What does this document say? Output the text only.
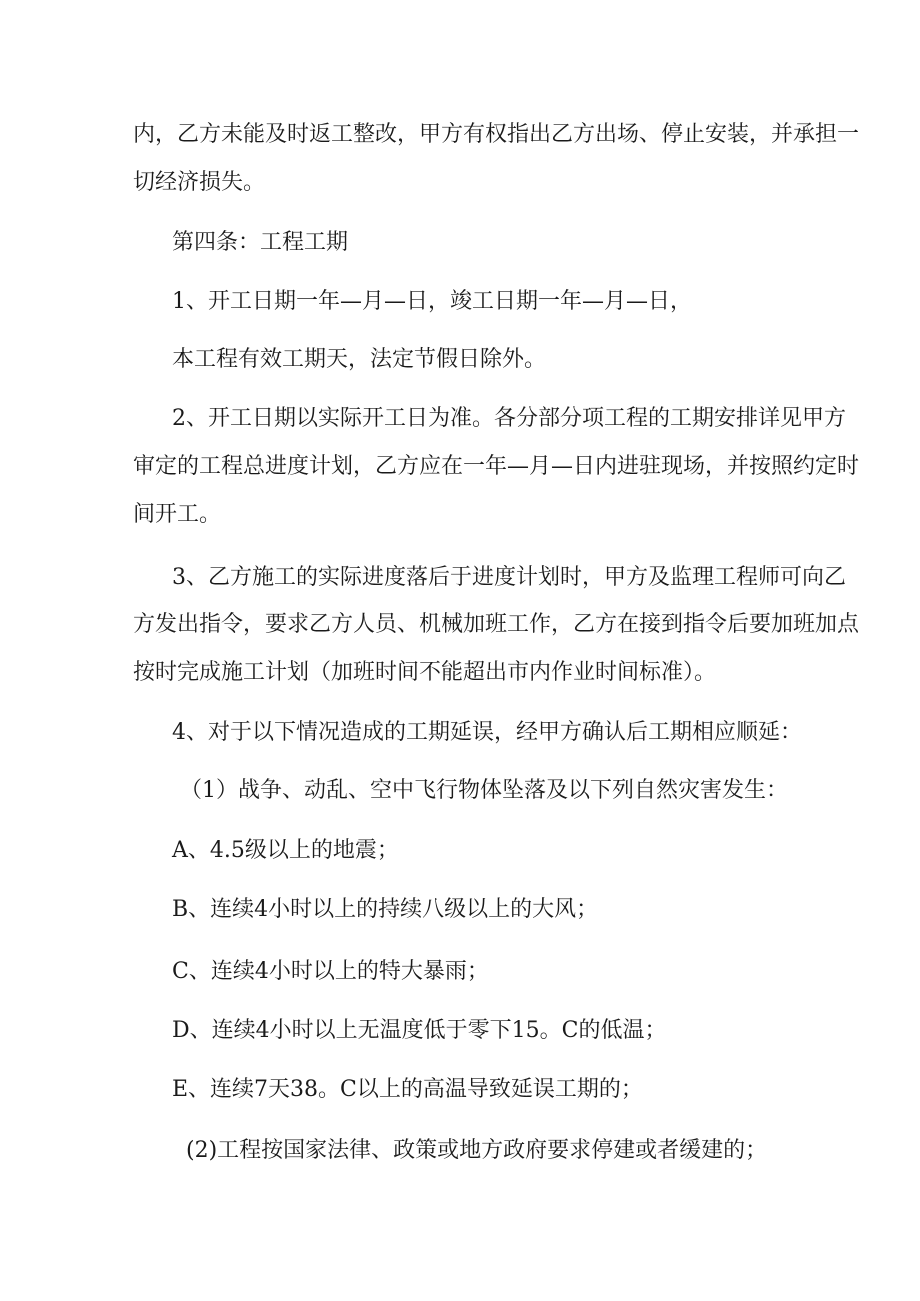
内，乙方未能及时返工整改，甲方有权指出乙方出场、停止安装，并承担一
切经济损失。
第四条：工程工期
1、开工日期一年—月—日，竣工日期一年—月—日，
本工程有效工期天，法定节假日除外。
2、开工日期以实际开工日为准。各分部分项工程的工期安排详见甲方
审定的工程总进度计划，乙方应在一年—月—日内进驻现场，并按照约定时
间开工。
3、乙方施工的实际进度落后于进度计划时，甲方及监理工程师可向乙
方发出指令，要求乙方人员、机械加班工作，乙方在接到指令后要加班加点
按时完成施工计划（加班时间不能超出市内作业时间标准）。
4、对于以下情况造成的工期延误，经甲方确认后工期相应顺延：
（1）战争、动乱、空中飞行物体坠落及以下列自然灾害发生：
A、4.5级以上的地震；
B、连续4小时以上的持续八级以上的大风；
C、连续4小时以上的特大暴雨；
D、连续4小时以上无温度低于零下15。C的低温；
E、连续7天38。C以上的高温导致延误工期的；
(2)工程按国家法律、政策或地方政府要求停建或者缓建的；
